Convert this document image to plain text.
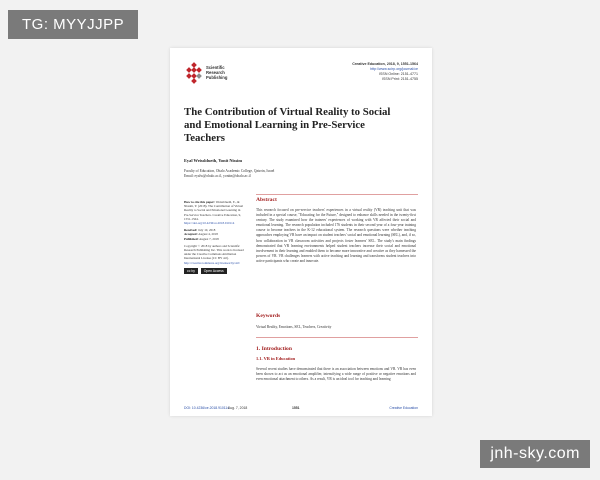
TG: MYYJJPP
Scientific
Research
Publishing
Creative Education, 2018, 9, 1551-1564
http://www.scirp.org/journal/ce
ISSN Online: 2151-4771
ISSN Print: 2151-4755
The Contribution of Virtual Reality to Social and Emotional Learning in Pre-Service Teachers
Eyal Weissblueth, Yonit Nissim
Faculty of Education, Ohalo Academic College, Qatzrin, Israel
Email: eyalw@ohalo.ac.il, yonitn@ohalo.ac.il

How to cite this paper: Weissblueth, E., & Nissim, Y. (2018). The Contribution of Virtual Reality to Social and Emotional Learning in Pre-Service Teachers. Creative Education, 9, 1551-1564.
https://doi.org/10.4236/ce.2018.910114

Received: July 10, 2018
Accepted: August 4, 2018
Published: August 7, 2018

Copyright © 2018 by authors and Scientific Research Publishing Inc. This work is licensed under the Creative Commons Attribution International License (CC BY 4.0).
http://creativecommons.org/licenses/by/4.0/

cc by	Open Access
Abstract
This research focused on pre-service teachers' experiences in a virtual reality (VR) teaching unit that was included in a special course, "Educating for the Future," designed to enhance skills needed in the twenty-first century. The study examined how the trainees' experiences of working with VR affected their social and emotional learning. The research population included 176 students in their second year of a four-year training course to become teachers in the K-12 educational system. The research questions were whether teaching approaches employing VR have an impact on student teachers' social and emotional learning (SEL), and, if so, how collaboration in VR classroom activities and projects foster learners' SEL. The study's main findings demonstrated that VR learning environments helped student teachers increase their social and emotional involvement in their learning and enabled them to become more innovative and creative as they harnessed the powers of VR. VR challenges learners with active teaching and learning and transforms student teachers into active participants who create and innovate.
Keywords
Virtual Reality, Emotions, SEL, Teachers, Creativity
1. Introduction
1.1. VR in Education
Several recent studies have demonstrated that there is an association between emotions and VR. VR has even been shown to act as an emotional amplifier, intensifying a wide range of positive or negative emotions and even emotional attachment to others. As a result, VR is an ideal tool for teaching and learning
DOI: 10.4236/ce.2018.910114
Aug. 7, 2018	1551	Creative Education
jnh-sky.com
